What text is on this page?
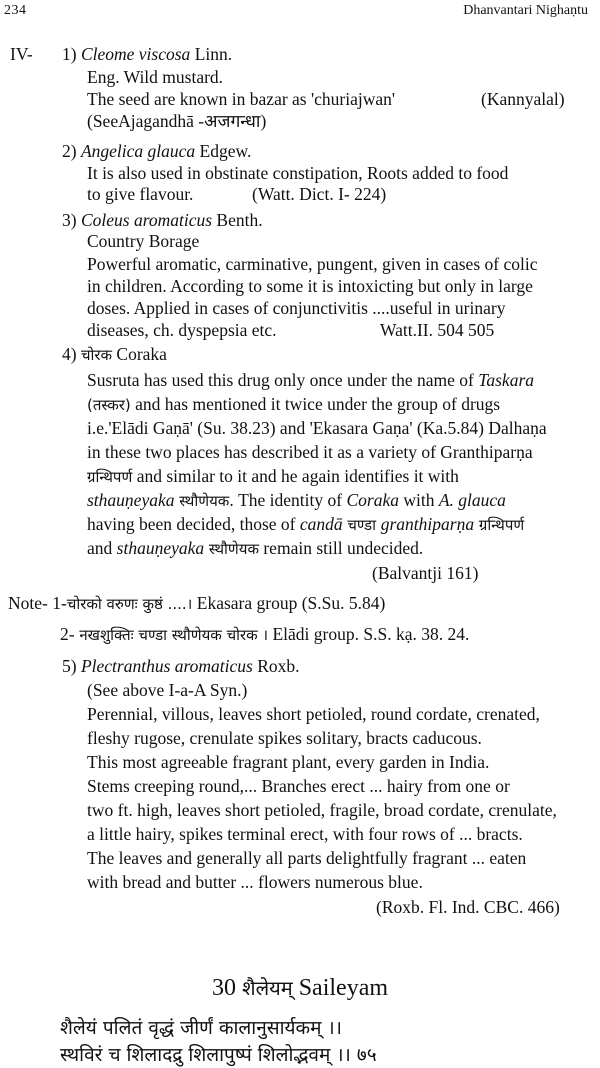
234	Dhanvantari Nighaṇtu
IV- 1) Cleome viscosa Linn.
Eng. Wild mustard.
The seed are known in bazar as 'churiajwan'	(Kannyalal)
(SeeAjagandhā -अजगन्धा)
2) Angelica glauca Edgew.
It is also used in obstinate constipation, Roots added to food
to give flavour.	(Watt. Dict. I- 224)
3) Coleus aromaticus Benth.
Country Borage
Powerful aromatic, carminative, pungent, given in cases of colic
in children. According to some it is intoxicting but only in large
doses. Applied in cases of conjunctivitis ....useful in urinary
diseases, ch. dyspepsia etc.	Watt.II. 504 505
4) चोरक Coraka
Susruta has used this drug only once under the name of Taskara
(तस्कर) and has mentioned it twice under the group of drugs
i.e.'Elādi Gaṇā' (Su. 38.23) and 'Ekasara Gaṇa' (Ka.5.84) Dalhaṇa
in these two places has described it as a variety of Granthiparṇa
ग्रन्थिपर्ण and similar to it and he again identifies it with
sthauṇeyaka स्थौणेयक. The identity of Coraka with A. glauca
having been decided, those of candā चण्डा granthiparṇa ग्रन्थिपर्ण
and sthauṇeyaka स्थौणेयक remain still undecided.
(Balvantji 161)
Note- 1-चोरको वरुणः कुष्ठं ....। Ekasara group (S.Su. 5.84)
2- नखशुक्तिः चण्डा स्थौणेयक चोरक । Elādi group. S.S. kạ. 38. 24.
5) Plectranthus aromaticus Roxb.
(See above I-a-A Syn.)
Perennial, villous, leaves short petioled, round cordate, crenated,
fleshy rugose, crenulate spikes solitary, bracts caducous.
This most agreeable fragrant plant, every garden in India.
Stems creeping round,... Branches erect ... hairy from one or
two ft. high, leaves short petioled, fragile, broad cordate, crenulate,
a little hairy, spikes terminal erect, with four rows of ... bracts.
The leaves and generally all parts delightfully fragrant ... eaten
with bread and butter ... flowers numerous blue.
(Roxb. Fl. Ind. CBC. 466)
30 शैलेयम् Saileyam
शैलेयं पलितं वृद्धं जीर्णं कालानुसार्यकम् ।।
स्थविरं च शिलादद्रु शिलापुष्पं शिलोद्भवम् ।। ७५
